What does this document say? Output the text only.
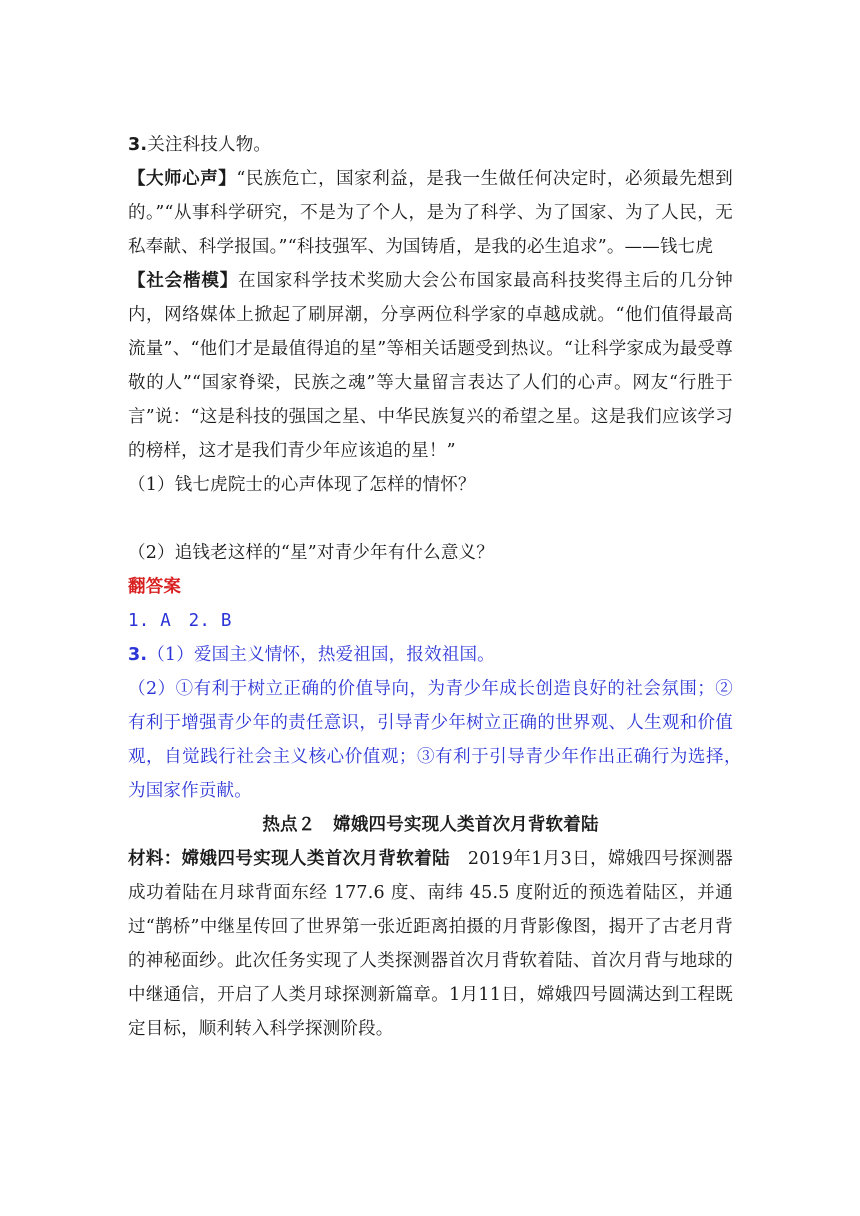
3.关注科技人物。

【大师心声】“民族危亡，国家利益，是我一生做任何决定时，必须最先想到的。”“从事科学研究，不是为了个人，是为了科学、为了国家、为了人民，无私奉献、科学报国。”“科技强军、为国铸盾，是我的必生追求”。——钱七虎

【社会楷模】在国家科学技术奖励大会公布国家最高科技奖得主后的几分钟内，网络媒体上掀起了刷屏潮，分享两位科学家的卓越成就。“他们值得最高流量”、“他们才是最值得追的星”等相关话题受到热议。“让科学家成为最受尊敬的人”“国家脊梁，民族之魂”等大量留言表达了人们的心声。网友“行胜于言”说：“这是科技的强国之星、中华民族复兴的希望之星。这是我们应该学习的榜样，这才是我们青少年应该追的星！”

（1）钱七虎院士的心声体现了怎样的情怀？

（2）追钱老这样的“星”对青少年有什么意义？

翻答案

1. A　2. B

3.（1）爱国主义情怀，热爱祖国，报效祖国。

（2）①有利于树立正确的价值导向，为青少年成长创造良好的社会氛围；②有利于增强青少年的责任意识，引导青少年树立正确的世界观、人生观和价值观，自觉践行社会主义核心价值观；③有利于引导青少年作出正确行为选择，　为国家作贡献。

热点２　嫦娥四号实现人类首次月背软着陆

材料：嫦娥四号实现人类首次月背软着陆　2019年1月3日，嫦娥四号探测器成功着陆在月球背面东经 177.6 度、南纬 45.5 度附近的预选着陆区，并通过“鹊桥”中继星传回了世界第一张近距离拍摄的月背影像图，揭开了古老月背的神秘面纱。此次任务实现了人类探测器首次月背软着陆、首次月背与地球的中继通信，开启了人类月球探测新篇章。1月11日，嫦娥四号圆满达到工程既定目标，顺利转入科学探测阶段。
